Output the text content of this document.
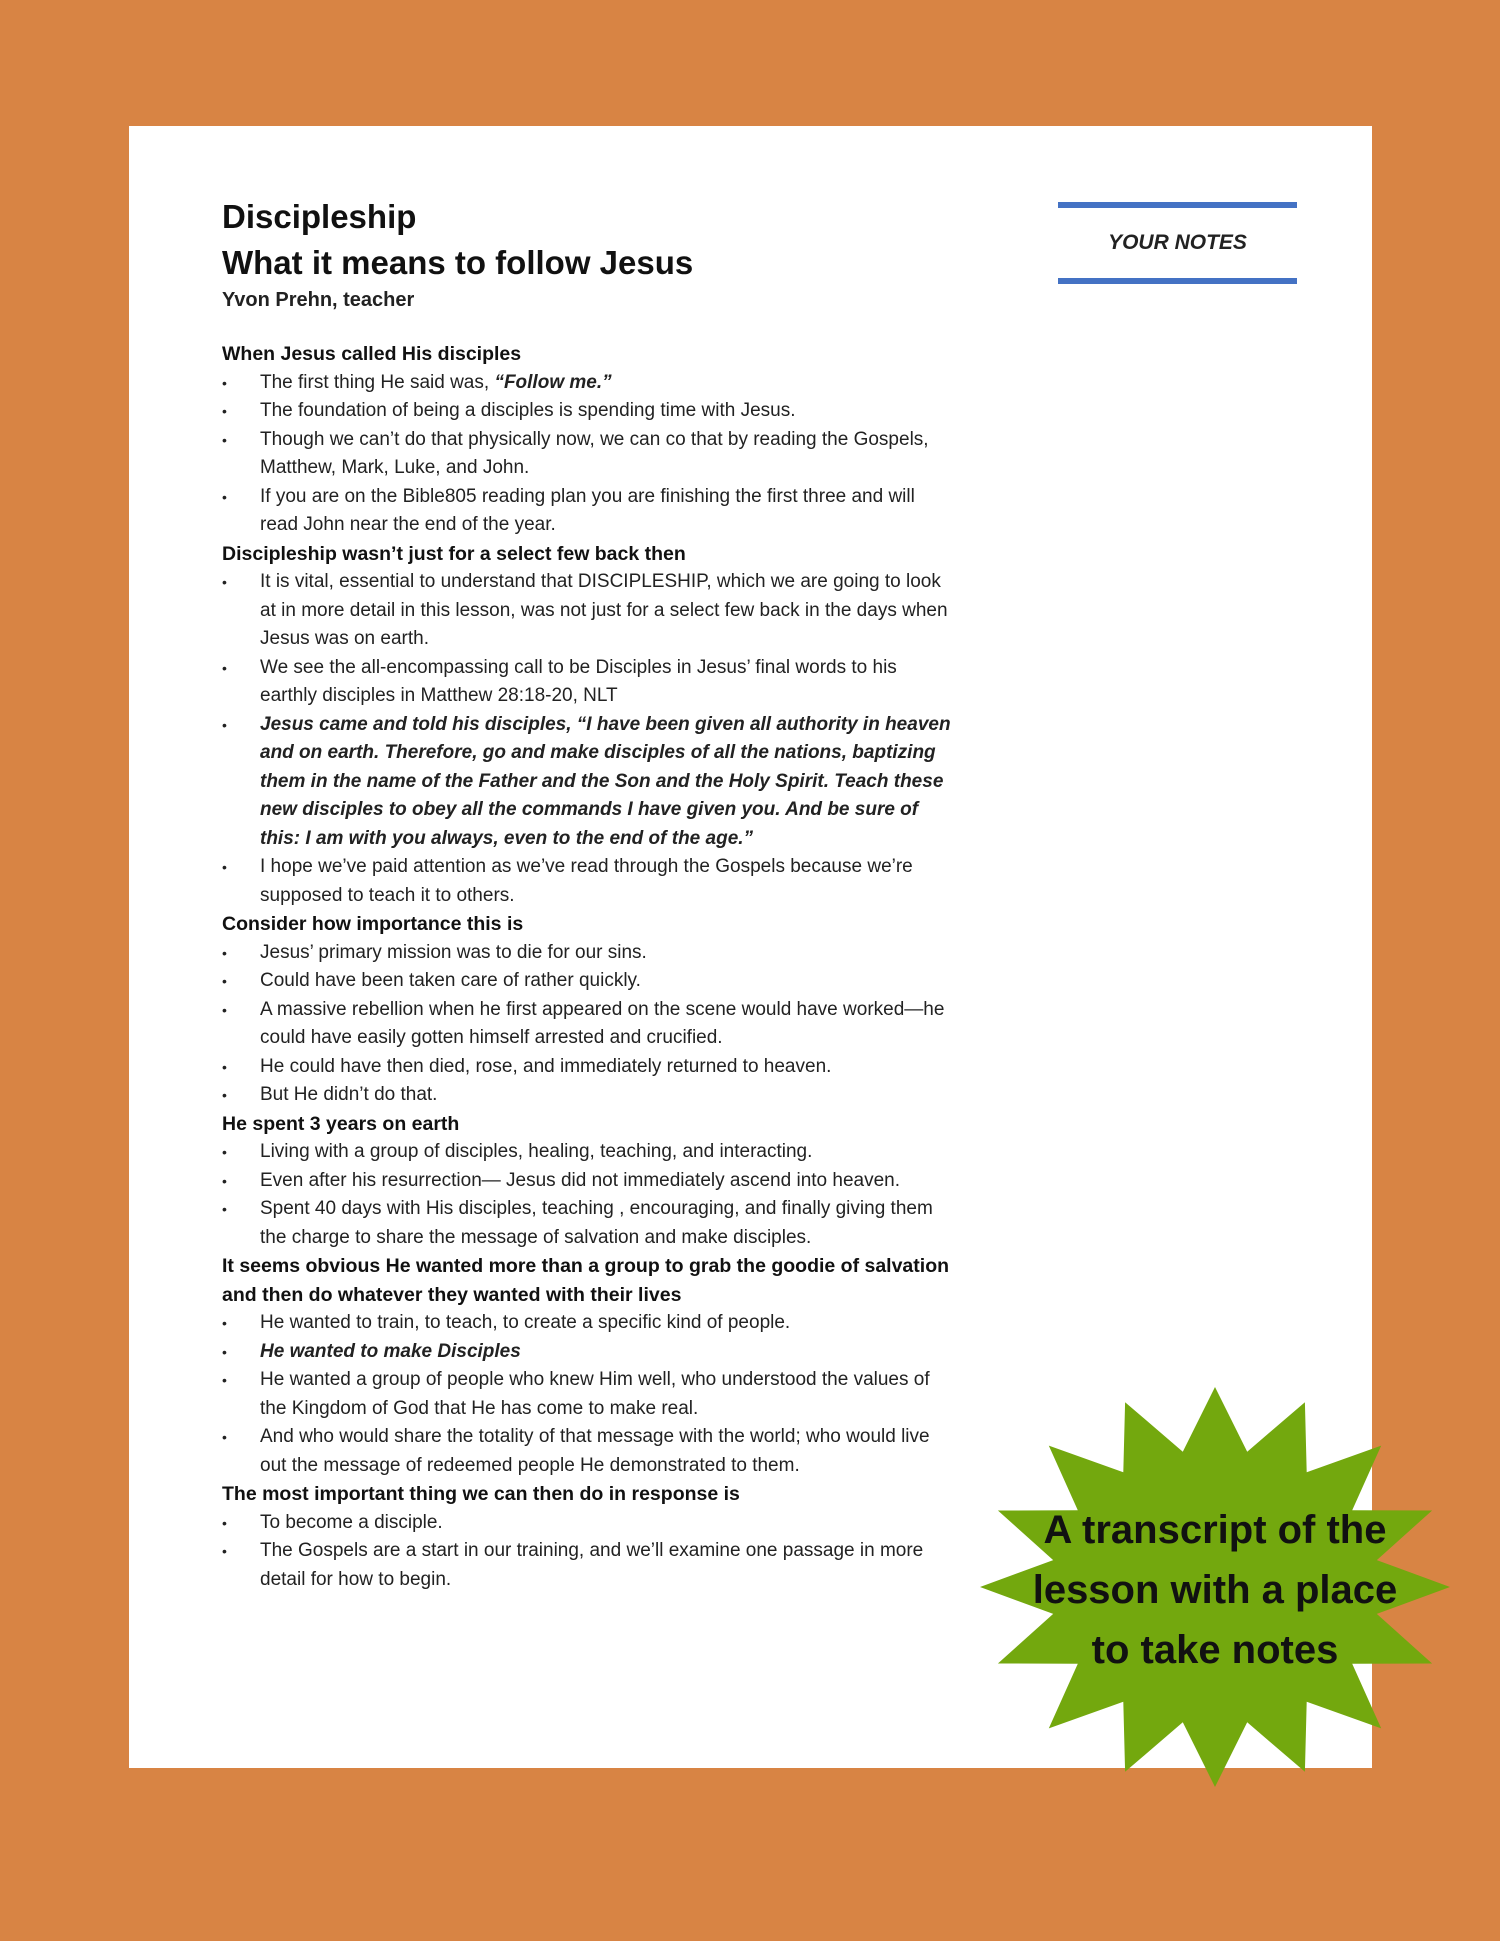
Discipleship
What it means to follow Jesus

Yvon Prehn, teacher

When Jesus called His disciples
• The first thing He said was, “Follow me.”
• The foundation of being a disciples is spending time with Jesus.
• Though we can’t do that physically now, we can co that by reading the Gospels, Matthew, Mark, Luke, and John.
• If you are on the Bible805 reading plan you are finishing the first three and will read John near the end of the year.
Discipleship wasn’t just for a select few back then
• It is vital, essential to understand that DISCIPLESHIP, which we are going to look at in more detail in this lesson, was not just for a select few back in the days when Jesus was on earth.
• We see the all-encompassing call to be Disciples in Jesus’ final words to his earthly disciples in Matthew 28:18-20, NLT
• Jesus came and told his disciples, “I have been given all authority in heaven and on earth. Therefore, go and make disciples of all the nations, baptizing them in the name of the Father and the Son and the Holy Spirit. Teach these new disciples to obey all the commands I have given you. And be sure of this: I am with you always, even to the end of the age.”
• I hope we’ve paid attention as we’ve read through the Gospels because we’re supposed to teach it to others.
Consider how importance this is
• Jesus’ primary mission was to die for our sins.
• Could have been taken care of rather quickly.
• A massive rebellion when he first appeared on the scene would have worked—he could have easily gotten himself arrested and crucified.
• He could have then died, rose, and immediately returned to heaven.
• But He didn’t do that.
He spent 3 years on earth
• Living with a group of disciples, healing, teaching, and interacting.
• Even after his resurrection— Jesus did not immediately ascend into heaven.
• Spent 40 days with His disciples, teaching , encouraging, and finally giving them the charge to share the message of salvation and make disciples.
It seems obvious He wanted more than a group to grab the goodie of salvation and then do whatever they wanted with their lives
• He wanted to train, to teach, to create a specific kind of people.
• He wanted to make Disciples
• He wanted a group of people who knew Him well, who understood the values of the Kingdom of God that He has come to make real.
• And who would share the totality of that message with the world; who would live out the message of redeemed people He demonstrated to them.
The most important thing we can then do in response is
• To become a disciple.
• The Gospels are a start in our training, and we’ll examine one passage in more detail for how to begin.
YOUR NOTES

A transcript of the
lesson with a place
to take notes
